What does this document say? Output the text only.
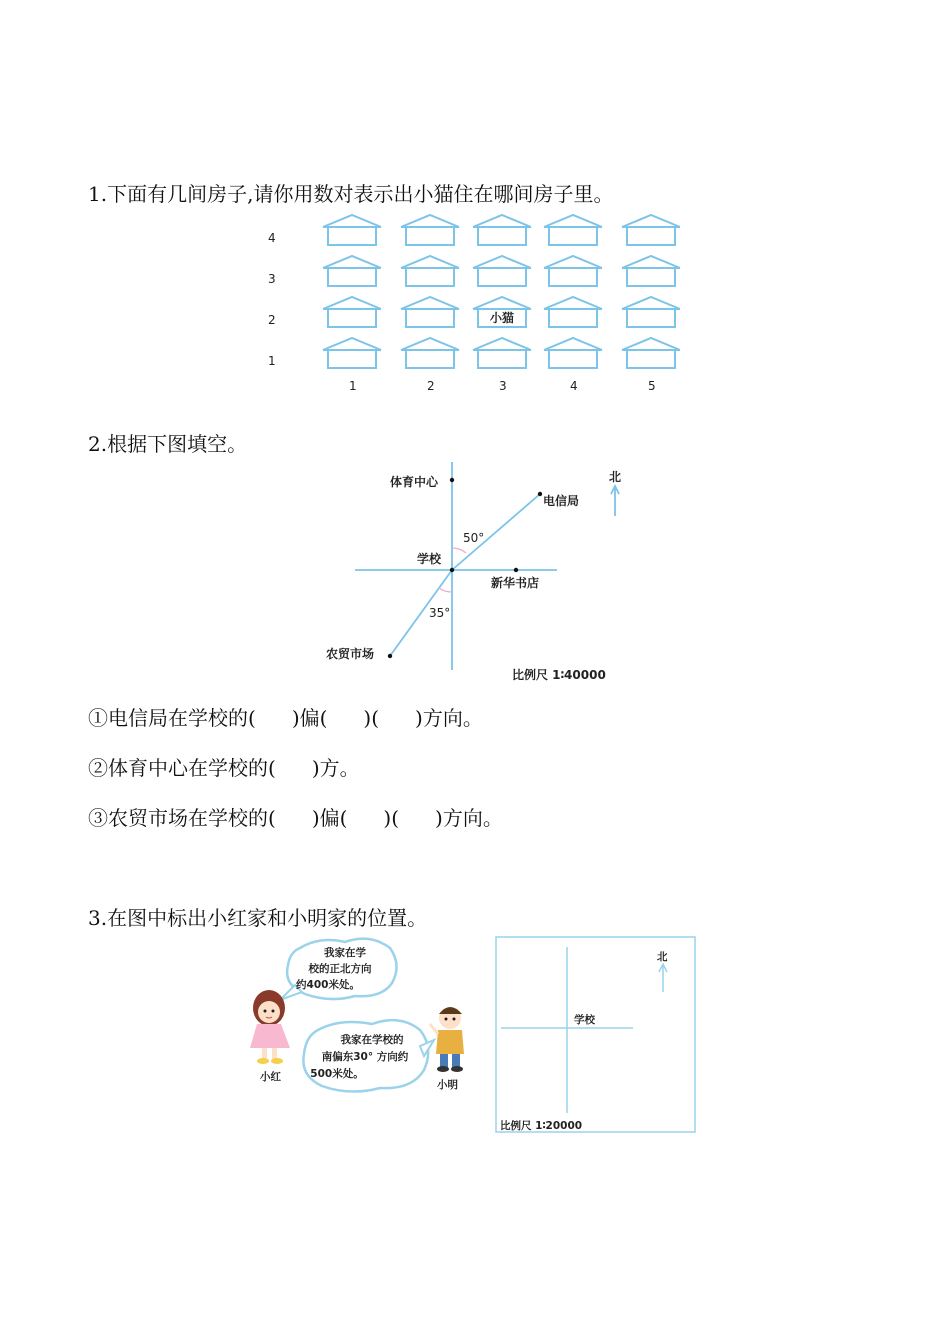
1.下面有几间房子,请你用数对表示出小猫住在哪间房子里。
4
3
2
1
1	2	3	4	5
小猫
体育中心
电信局
学校
新华书店
农贸市场
北
50°
35°
比例尺 1∶40000
我家在学
校的正北方向
约400米处。
我家在学校的
南偏东30° 方向约
500米处。
小红
小明
学校
北
比例尺 1∶20000
2.根据下图填空。
①电信局在学校的( )偏( )( )方向。
②体育中心在学校的( )方。
③农贸市场在学校的( )偏( )( )方向。
3.在图中标出小红家和小明家的位置。
